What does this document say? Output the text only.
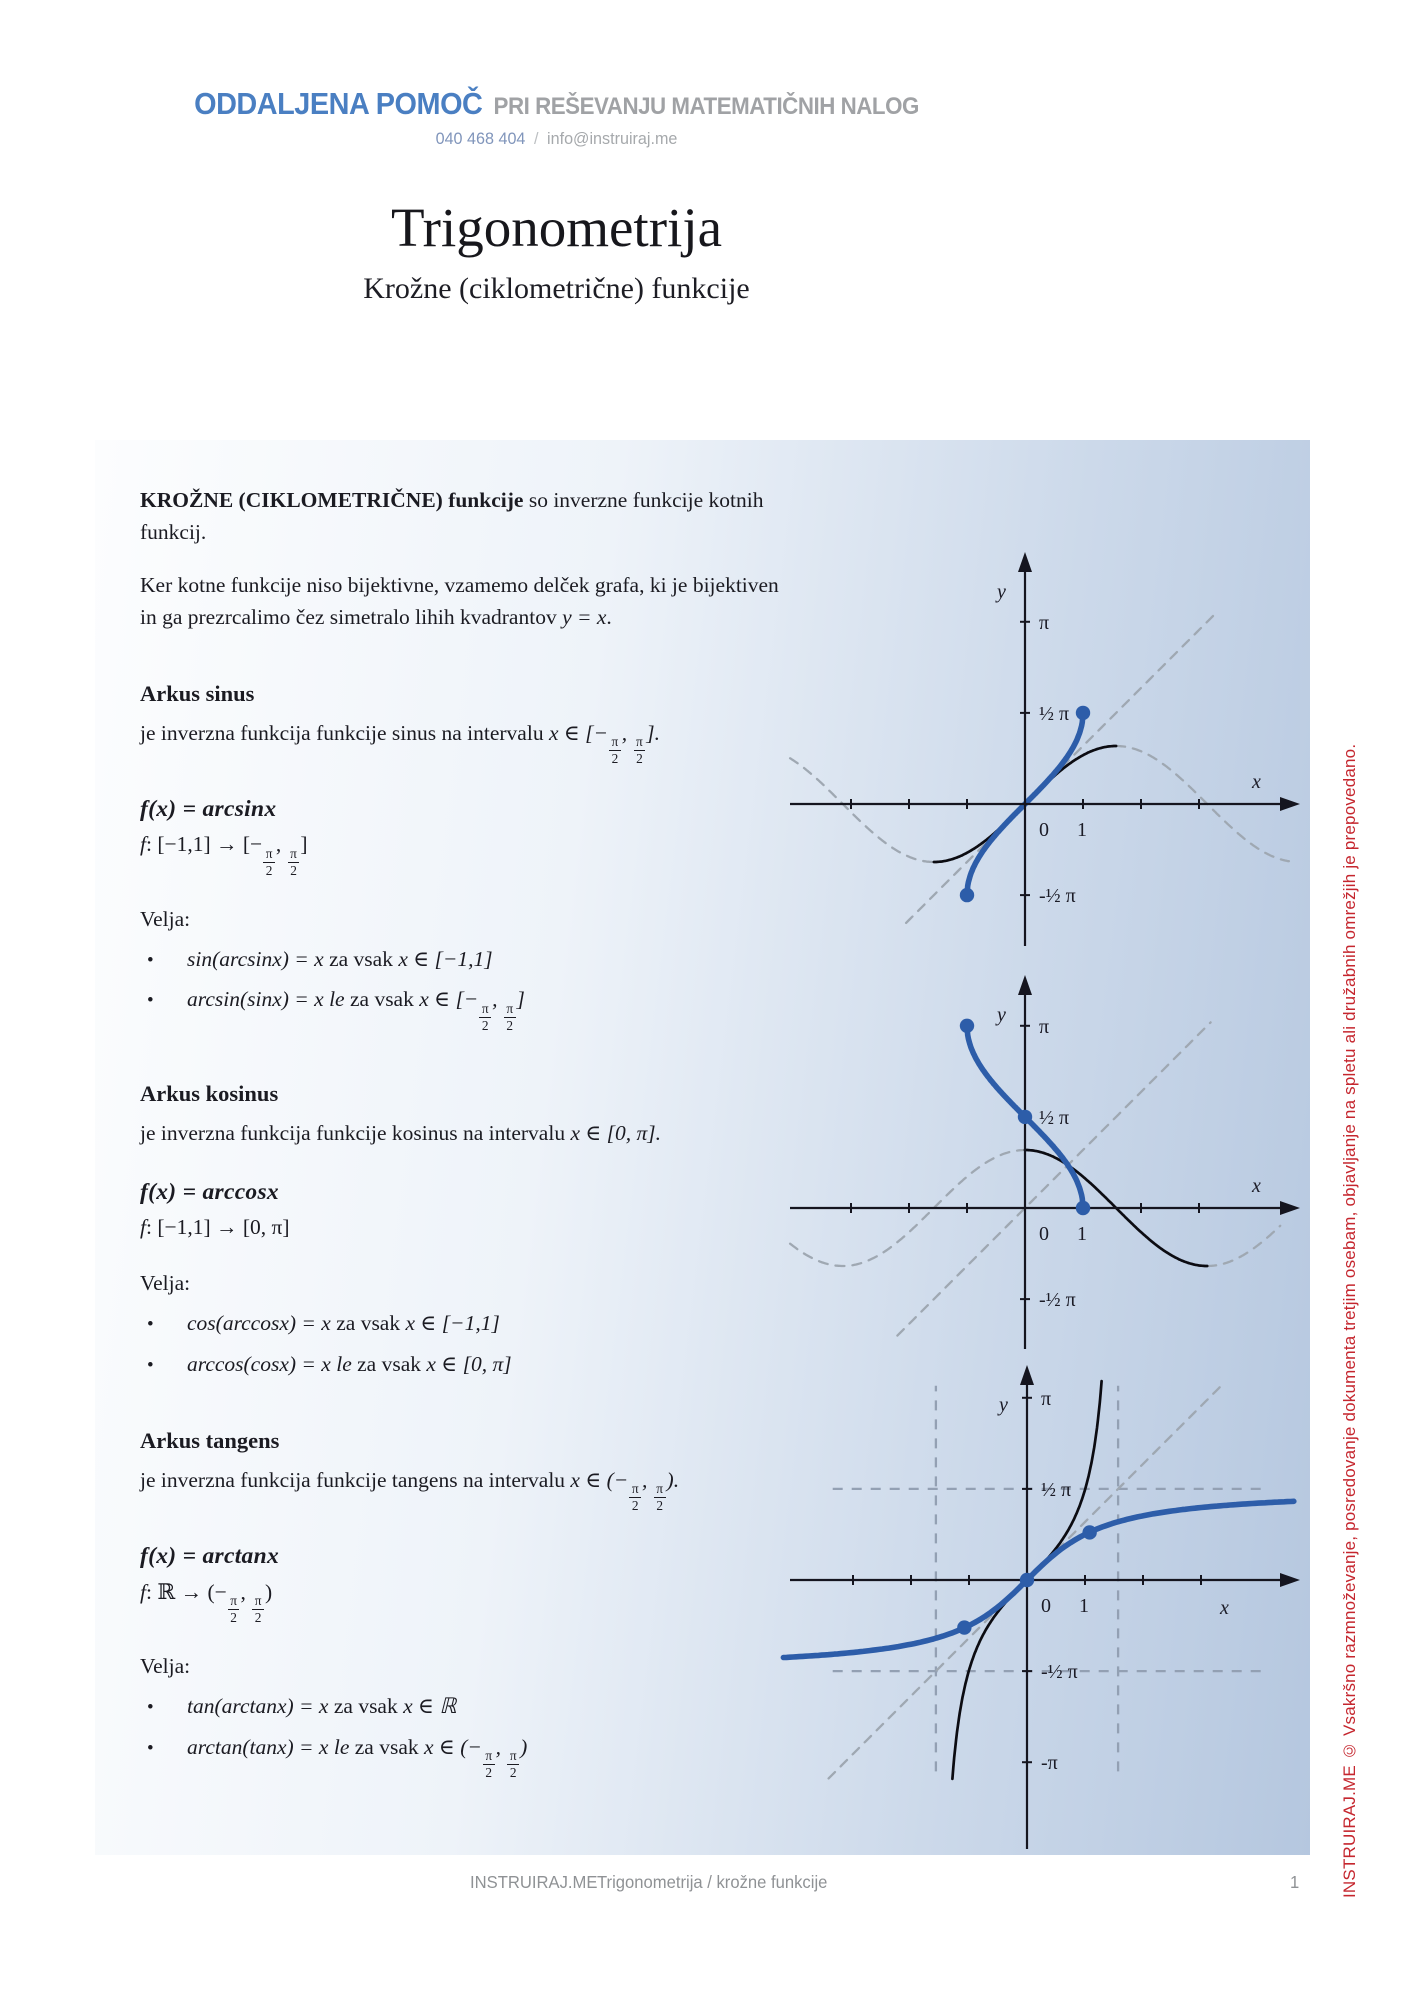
ODDALJENA POMOČ PRI REŠEVANJU MATEMATIČNIH NALOG
040 468 404 / info@instruiraj.me
Trigonometrija
Krožne (ciklometrične) funkcije

KROŽNE (CIKLOMETRIČNE) funkcije so inverzne funkcije kotnih funkcij.

Ker kotne funkcije niso bijektivne, vzamemo delček grafa, ki je bijektiven in ga prezrcalimo čez simetralo lihih kvadrantov y = x.

Arkus sinus

je inverzna funkcija funkcije sinus na intervalu x ∈ [−
$\frac{\pi}{2}$
,
$\frac{\pi}{2}$
].

f(x) = arcsinx
f: [−1,1] → [−
$\frac{\pi}{2}$
,
$\frac{\pi}{2}$
]

Velja:

•	sin(arcsinx) = x za vsak x ∈ [−1,1]
•	arcsin(sinx) = x le za vsak x ∈ [−
$\frac{\pi}{2}$
,
$\frac{\pi}{2}$
]
Arkus kosinus

je inverzna funkcija funkcije kosinus na intervalu x ∈ [0, π].

f(x) = arccosx
f: [−1,1] → [0, π]

Velja:

•	cos(arccosx) = x za vsak x ∈ [−1,1]
•	arccos(cosx) = x le za vsak x ∈ [0, π]
Arkus tangens

je inverzna funkcija funkcije tangens na intervalu x ∈ (−
$\frac{\pi}{2}$
,
$\frac{\pi}{2}$
).

f(x) = arctanx
f: ℝ → (−
$\frac{\pi}{2}$
,
$\frac{\pi}{2}$
)

Velja:

•	tan(arctanx) = x za vsak x ∈ ℝ
•	arctan(tanx) = x le za vsak x ∈ (−
$\frac{\pi}{2}$
,
$\frac{\pi}{2}$
)
0 1
π
½ π
-½ π
y
x
0 1
π
½ π
-½ π
y
x
0 1
π
½ π
-½ π
-π
y
x	INSTRUIRAJ.ME © Vsakršno razmnoževanje, posredovanje dokumenta tretjim osebam, objavljanje na spletu ali družabnih omrežjih je prepovedano.
INSTRUIRAJ.ME Trigonometrija / krožne funkcije	1
